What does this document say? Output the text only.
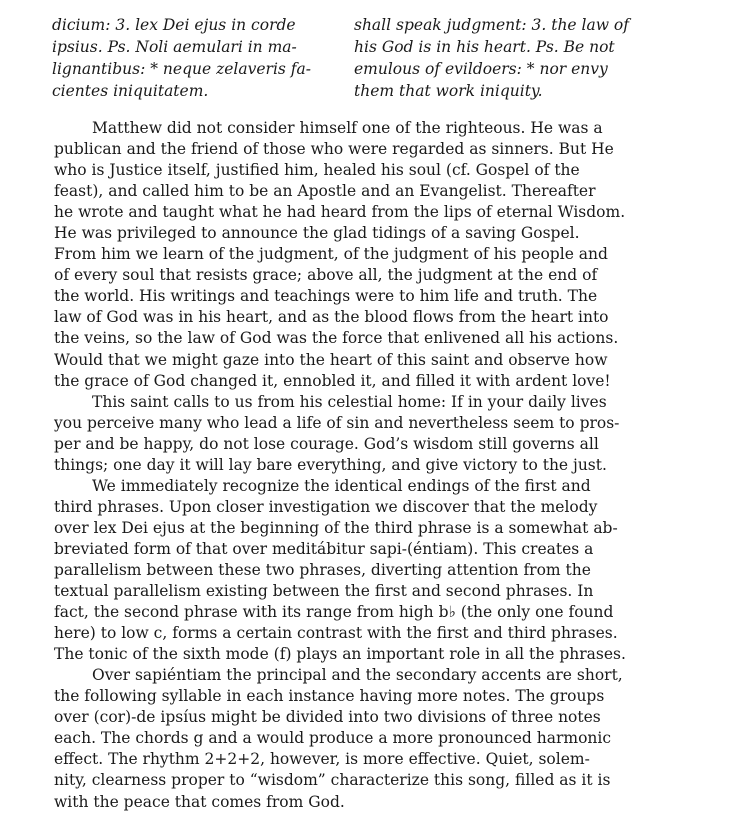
dicium: 3. lex Dei ejus in corde
ipsius. Ps. Noli aemulari in ma-
lignantibus: * neque zelaveris fa-
cientes iniquitatem.
shall speak judgment: 3. the law of
his God is in his heart. Ps. Be not
emulous of evildoers: * nor envy
them that work iniquity.
Matthew did not consider himself one of the righteous. He was a
publican and the friend of those who were regarded as sinners. But He
who is Justice itself, justified him, healed his soul (cf. Gospel of the
feast), and called him to be an Apostle and an Evangelist. Thereafter
he wrote and taught what he had heard from the lips of eternal Wisdom.
He was privileged to announce the glad tidings of a saving Gospel.
From him we learn of the judgment, of the judgment of his people and
of every soul that resists grace; above all, the judgment at the end of
the world. His writings and teachings were to him life and truth. The
law of God was in his heart, and as the blood flows from the heart into
the veins, so the law of God was the force that enlivened all his actions.
Would that we might gaze into the heart of this saint and observe how
the grace of God changed it, ennobled it, and filled it with ardent love!
This saint calls to us from his celestial home: If in your daily lives
you perceive many who lead a life of sin and nevertheless seem to pros-
per and be happy, do not lose courage. God’s wisdom still governs all
things; one day it will lay bare everything, and give victory to the just.
We immediately recognize the identical endings of the first and
third phrases. Upon closer investigation we discover that the melody
over lex Dei ejus at the beginning of the third phrase is a somewhat ab-
breviated form of that over meditábitur sapi-(éntiam). This creates a
parallelism between these two phrases, diverting attention from the
textual parallelism existing between the first and second phrases. In
fact, the second phrase with its range from high b♭ (the only one found
here) to low c, forms a certain contrast with the first and third phrases.
The tonic of the sixth mode (f) plays an important role in all the phrases.
Over sapiéntiam the principal and the secondary accents are short,
the following syllable in each instance having more notes. The groups
over (cor)-de ipsíus might be divided into two divisions of three notes
each. The chords g and a would produce a more pronounced harmonic
effect. The rhythm 2+2+2, however, is more effective. Quiet, solem-
nity, clearness proper to “wisdom” characterize this song, filled as it is
with the peace that comes from God.
